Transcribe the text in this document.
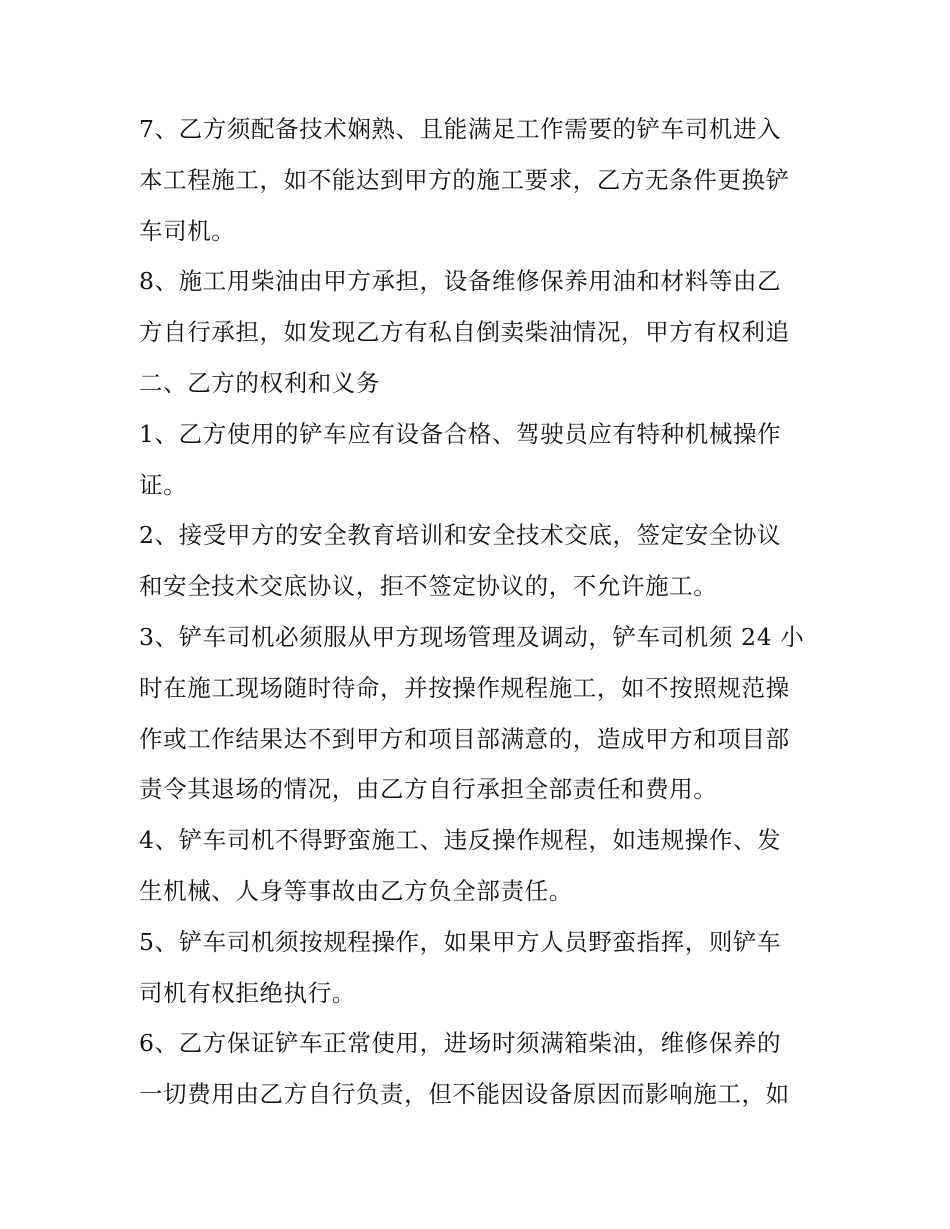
7、乙方须配备技术娴熟、且能满足工作需要的铲车司机进入
本工程施工，如不能达到甲方的施工要求，乙方无条件更换铲
车司机。
8、施工用柴油由甲方承担，设备维修保养用油和材料等由乙
方自行承担，如发现乙方有私自倒卖柴油情况，甲方有权利追
二、乙方的权利和义务
1、乙方使用的铲车应有设备合格、驾驶员应有特种机械操作
证。
2、接受甲方的安全教育培训和安全技术交底，签定安全协议
和安全技术交底协议，拒不签定协议的，不允许施工。
3、铲车司机必须服从甲方现场管理及调动，铲车司机须 24 小
时在施工现场随时待命，并按操作规程施工，如不按照规范操
作或工作结果达不到甲方和项目部满意的，造成甲方和项目部
责令其退场的情况，由乙方自行承担全部责任和费用。
4、铲车司机不得野蛮施工、违反操作规程，如违规操作、发
生机械、人身等事故由乙方负全部责任。
5、铲车司机须按规程操作，如果甲方人员野蛮指挥，则铲车
司机有权拒绝执行。
6、乙方保证铲车正常使用，进场时须满箱柴油，维修保养的
一切费用由乙方自行负责，但不能因设备原因而影响施工，如
